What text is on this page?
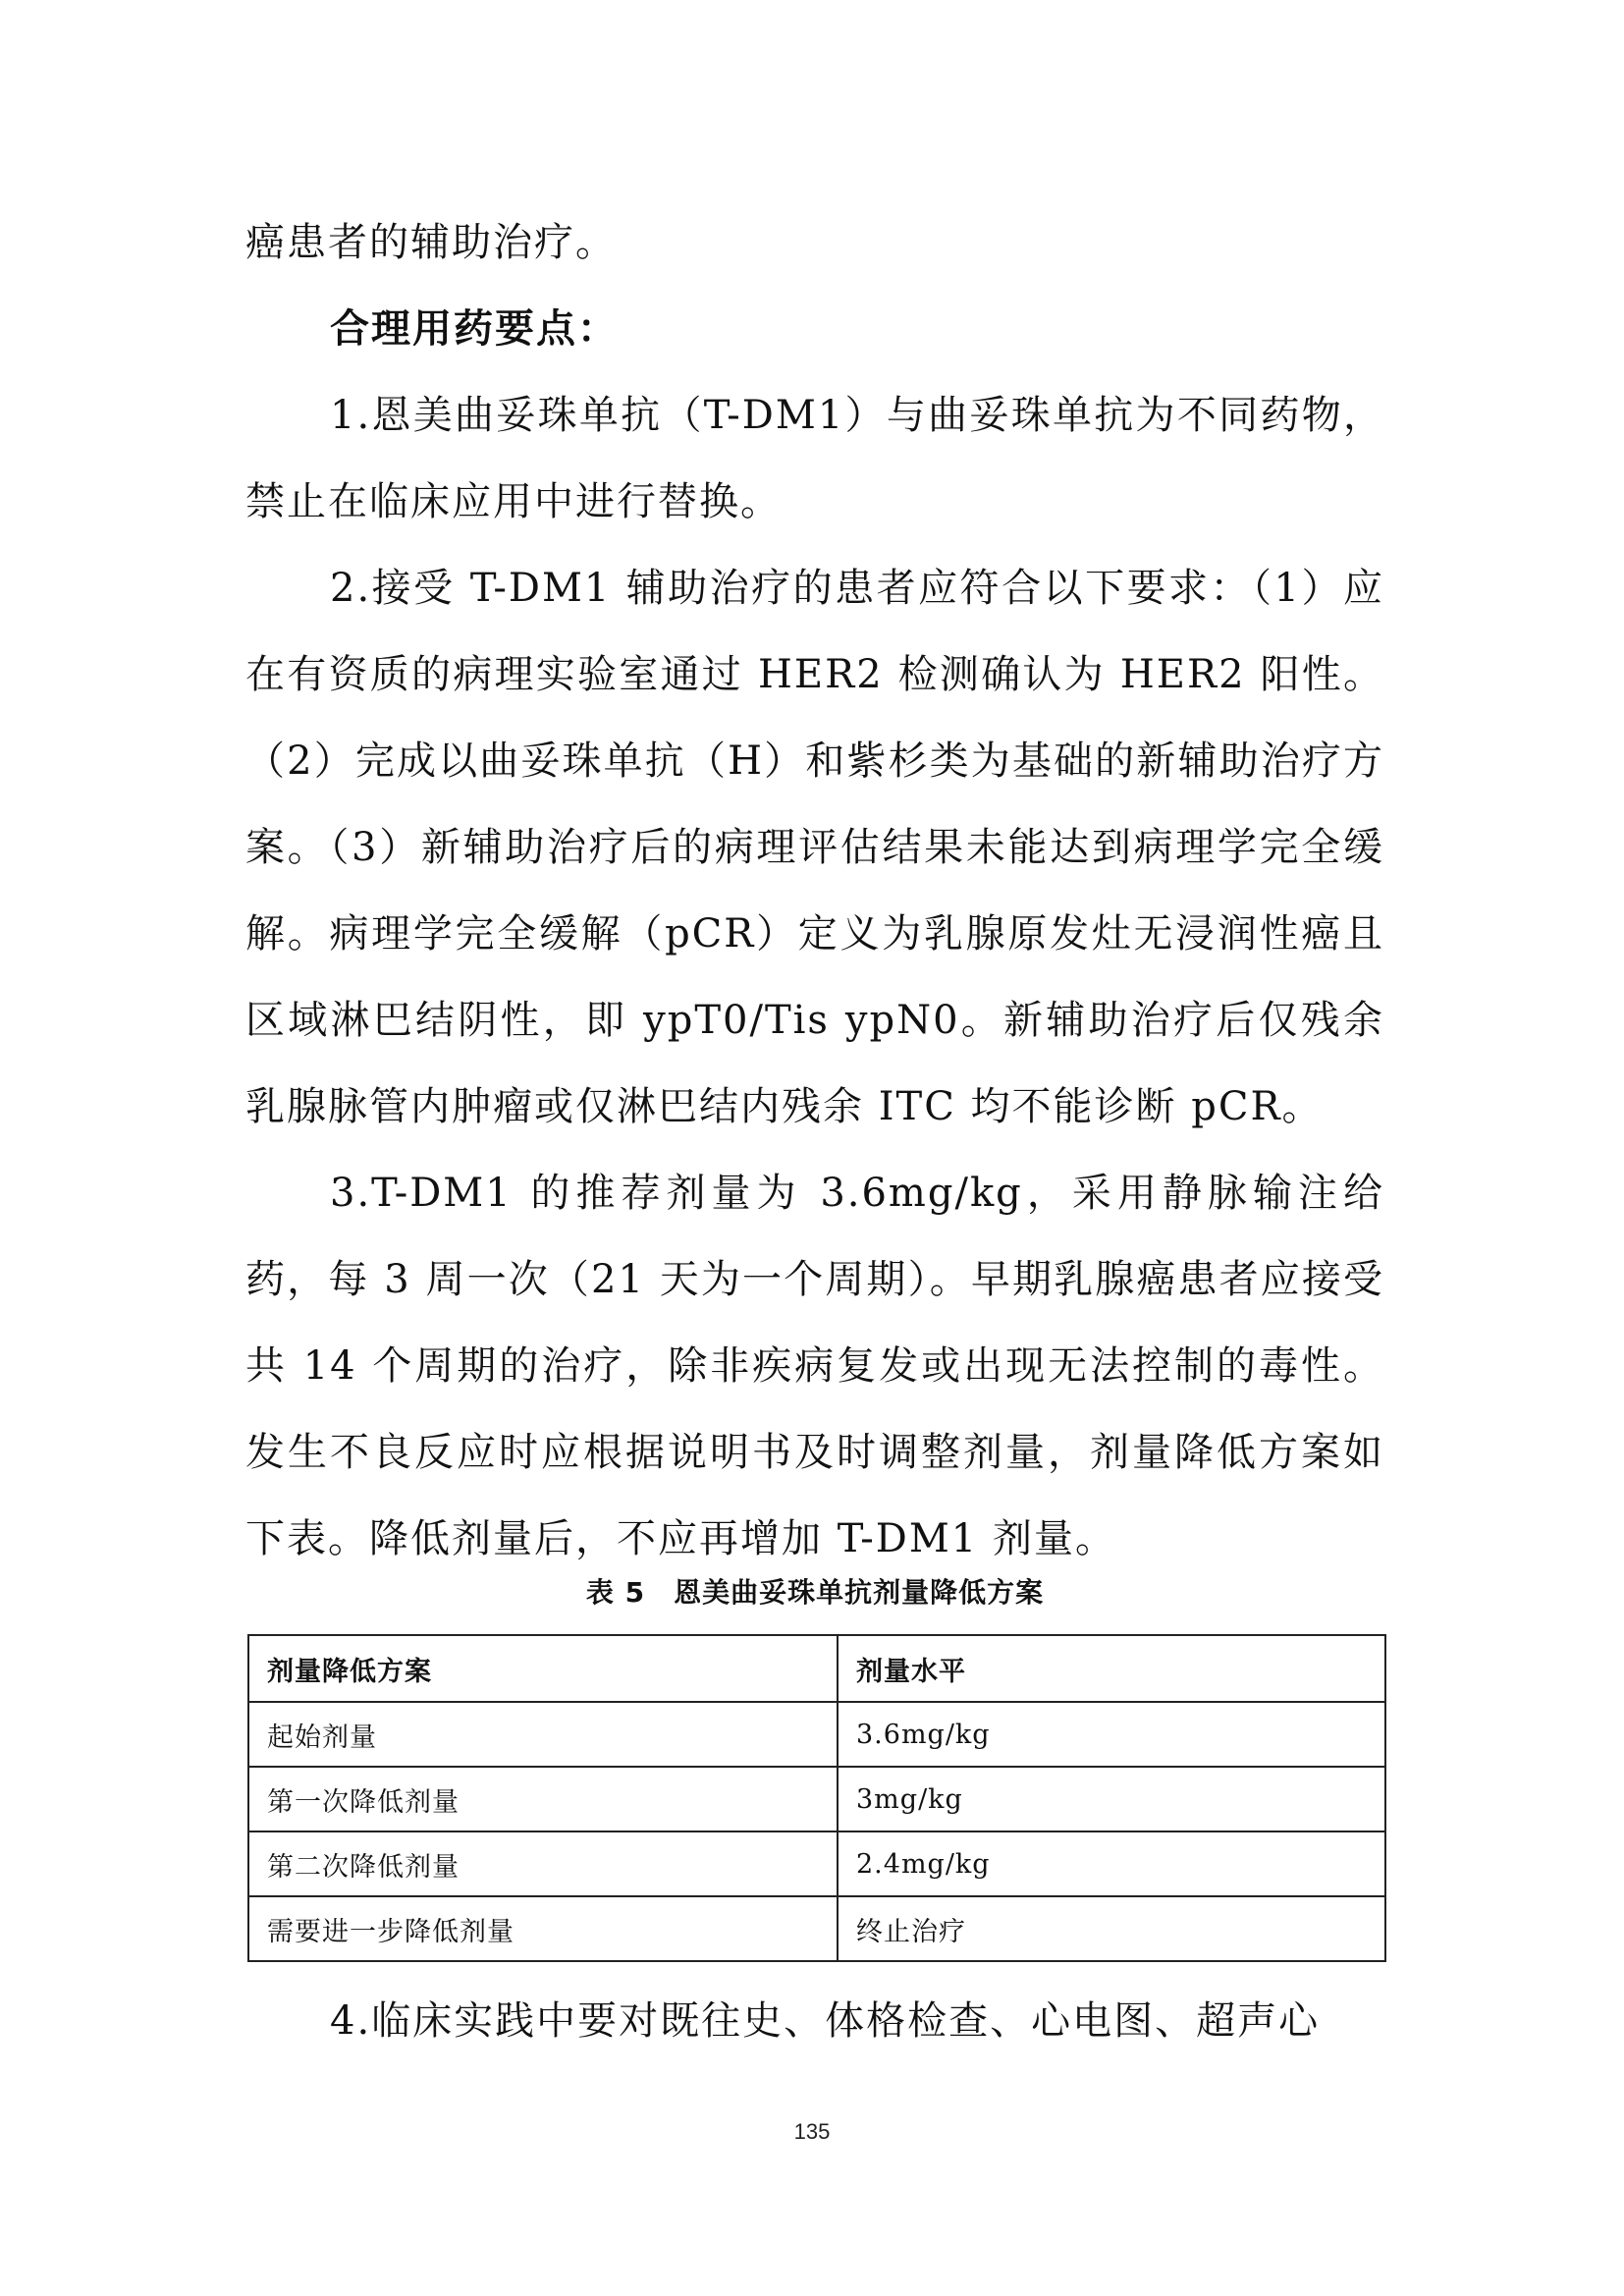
癌患者的辅助治疗。

合理用药要点：

1.恩美曲妥珠单抗（T-DM1）与曲妥珠单抗为不同药物，禁止在临床应用中进行替换。

2.接受 T-DM1 辅助治疗的患者应符合以下要求：（1）应在有资质的病理实验室通过 HER2 检测确认为 HER2 阳性。（2）完成以曲妥珠单抗（H）和紫杉类为基础的新辅助治疗方案。（3）新辅助治疗后的病理评估结果未能达到病理学完全缓解。病理学完全缓解（pCR）定义为乳腺原发灶无浸润性癌且区域淋巴结阴性，即 ypT0/Tis ypN0。新辅助治疗后仅残余乳腺脉管内肿瘤或仅淋巴结内残余 ITC 均不能诊断 pCR。

3.T-DM1 的推荐剂量为 3.6mg/kg，采用静脉输注给药，每 3 周一次（21 天为一个周期）。早期乳腺癌患者应接受共 14 个周期的治疗，除非疾病复发或出现无法控制的毒性。发生不良反应时应根据说明书及时调整剂量，剂量降低方案如下表。降低剂量后，不应再增加 T-DM1 剂量。

表 5　恩美曲妥珠单抗剂量降低方案
剂量降低方案	剂量水平
起始剂量	3.6mg/kg
第一次降低剂量	3mg/kg
第二次降低剂量	2.4mg/kg
需要进一步降低剂量	终止治疗

4.临床实践中要对既往史、体格检查、心电图、超声心

135
